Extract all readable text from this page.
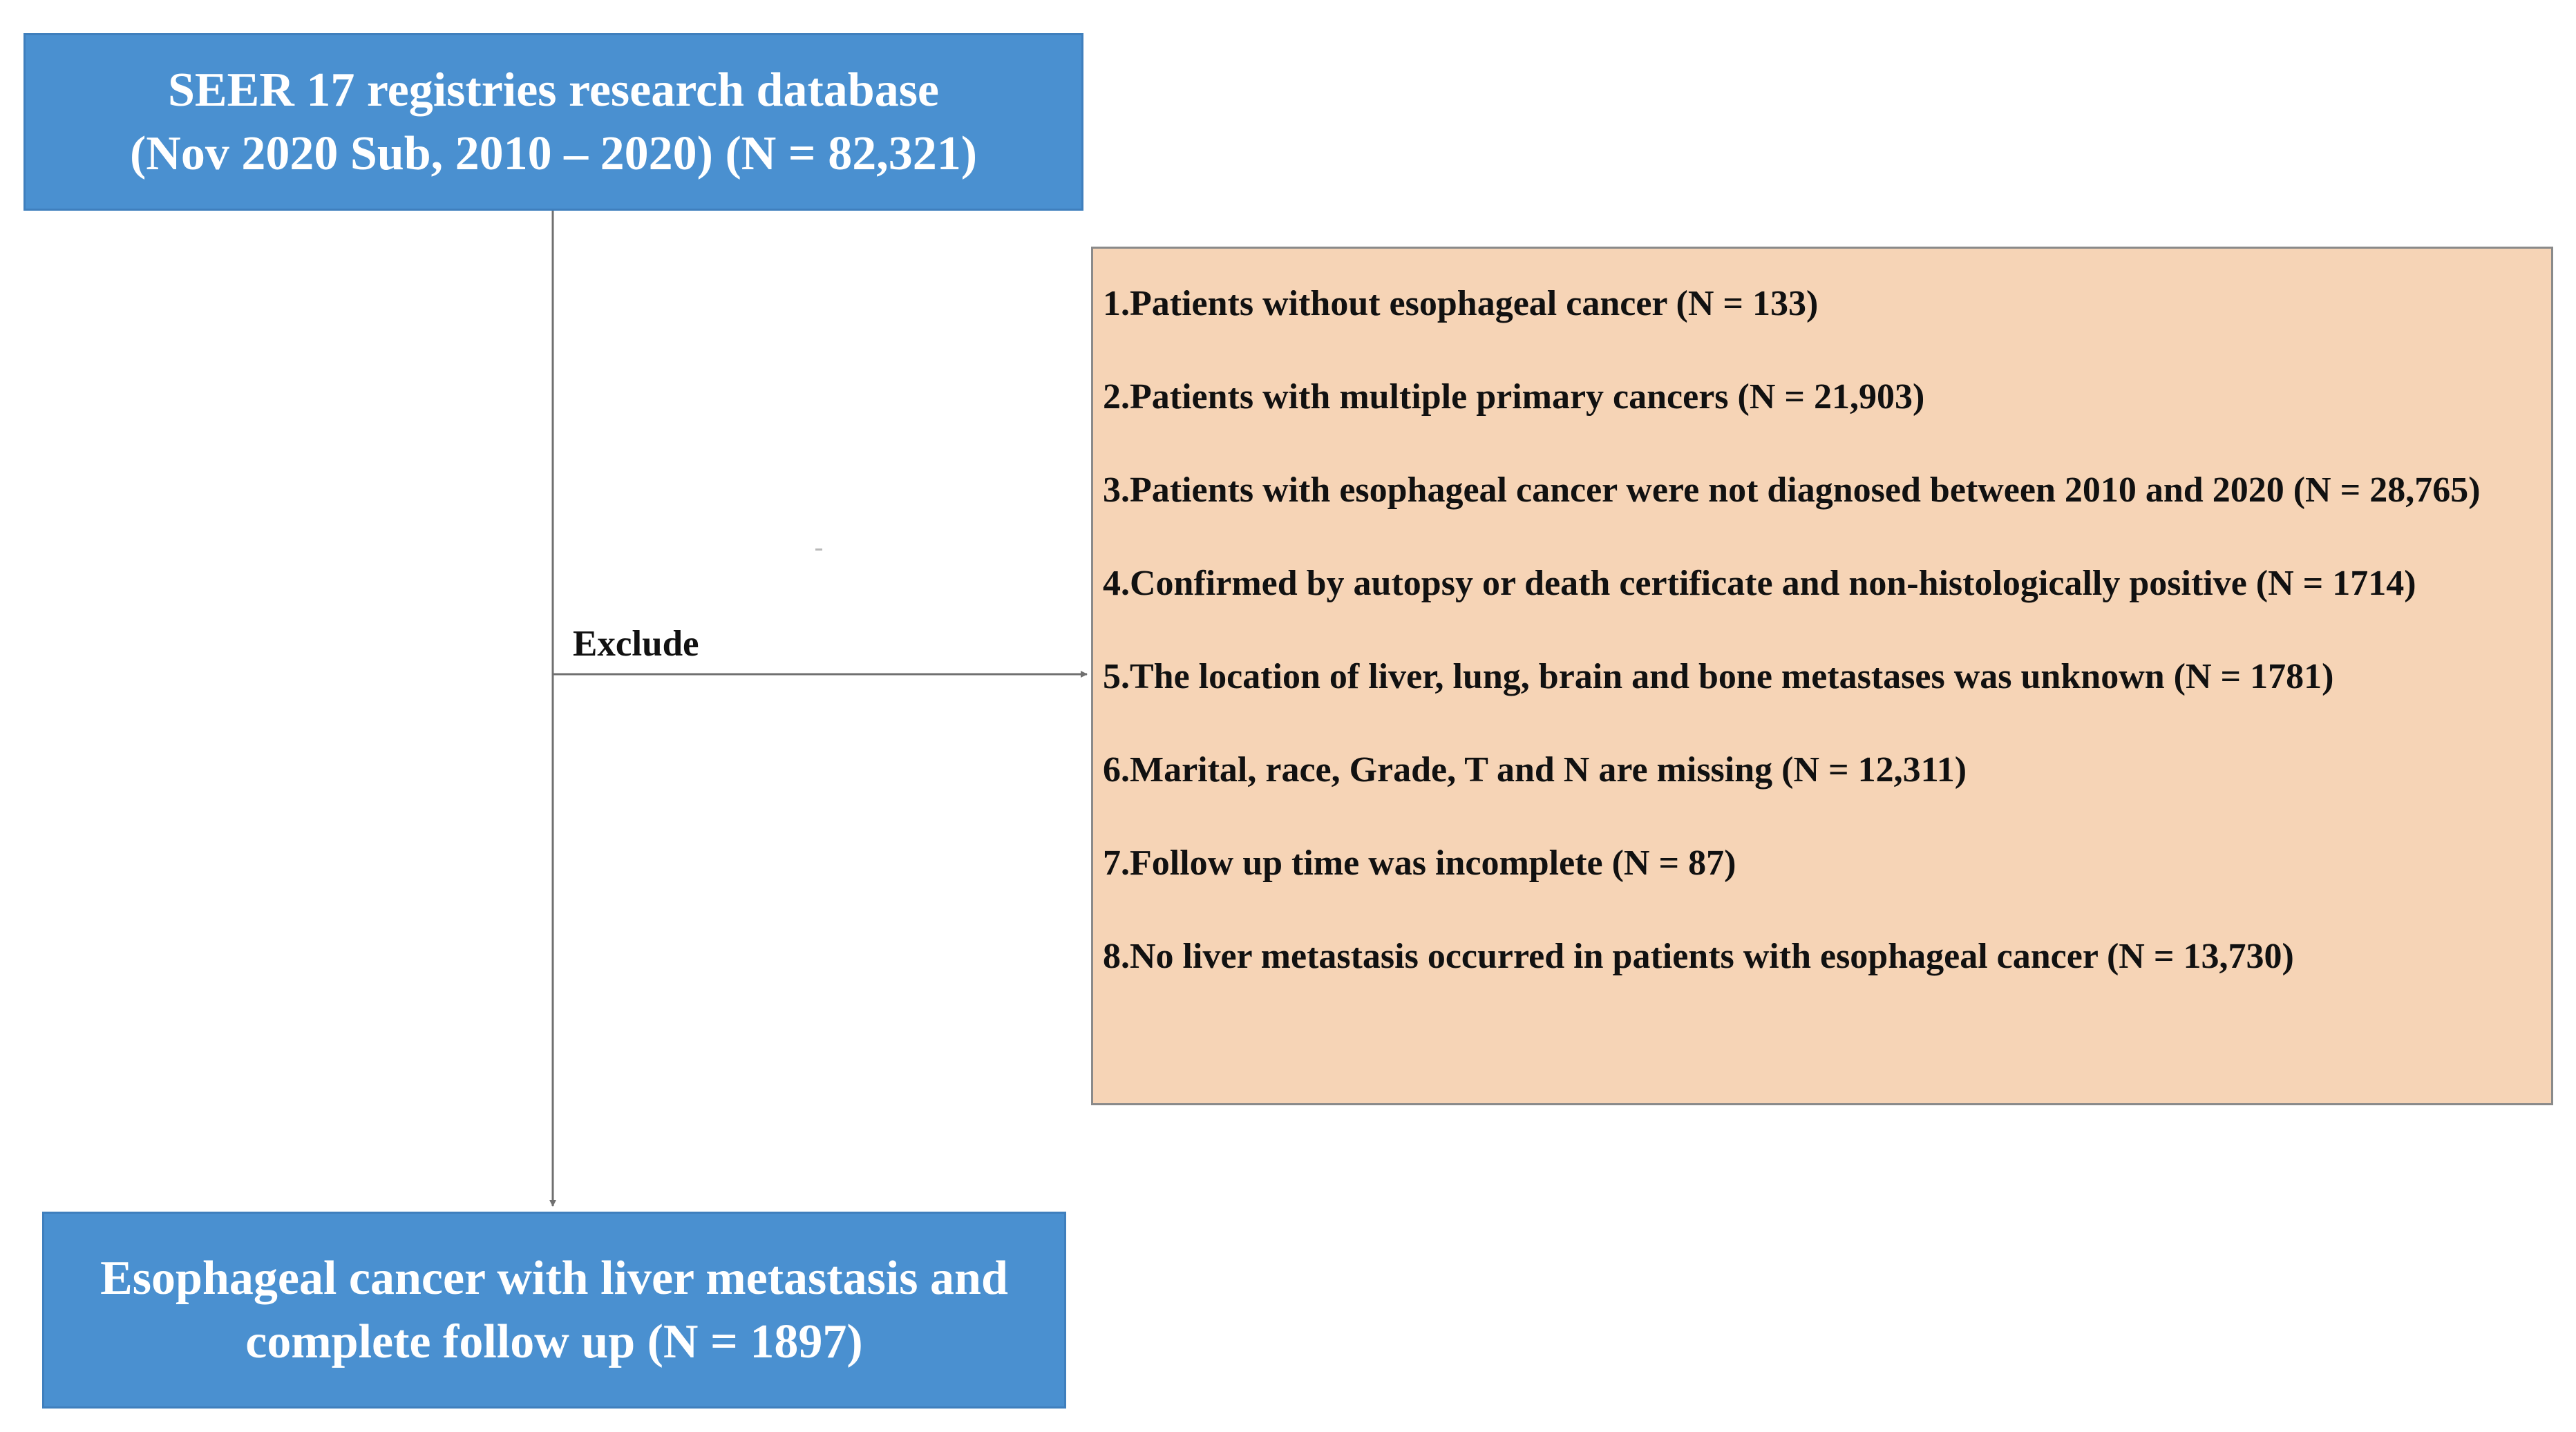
SEER 17 registries research database
(Nov 2020 Sub, 2010 – 2020) (N = 82,321)
Exclude
1.Patients without esophageal cancer (N = 133)
2.Patients with multiple primary cancers (N = 21,903)
3.Patients with esophageal cancer were not diagnosed between 2010 and 2020 (N = 28,765)
4.Confirmed by autopsy or death certificate and non-histologically positive (N = 1714)
5.The location of liver, lung, brain and bone metastases was unknown (N = 1781)
6.Marital, race, Grade, T and N are missing (N = 12,311)
7.Follow up time was incomplete (N = 87)
8.No liver metastasis occurred in patients with esophageal cancer (N = 13,730)
Esophageal cancer with liver metastasis and
complete follow up (N = 1897)
